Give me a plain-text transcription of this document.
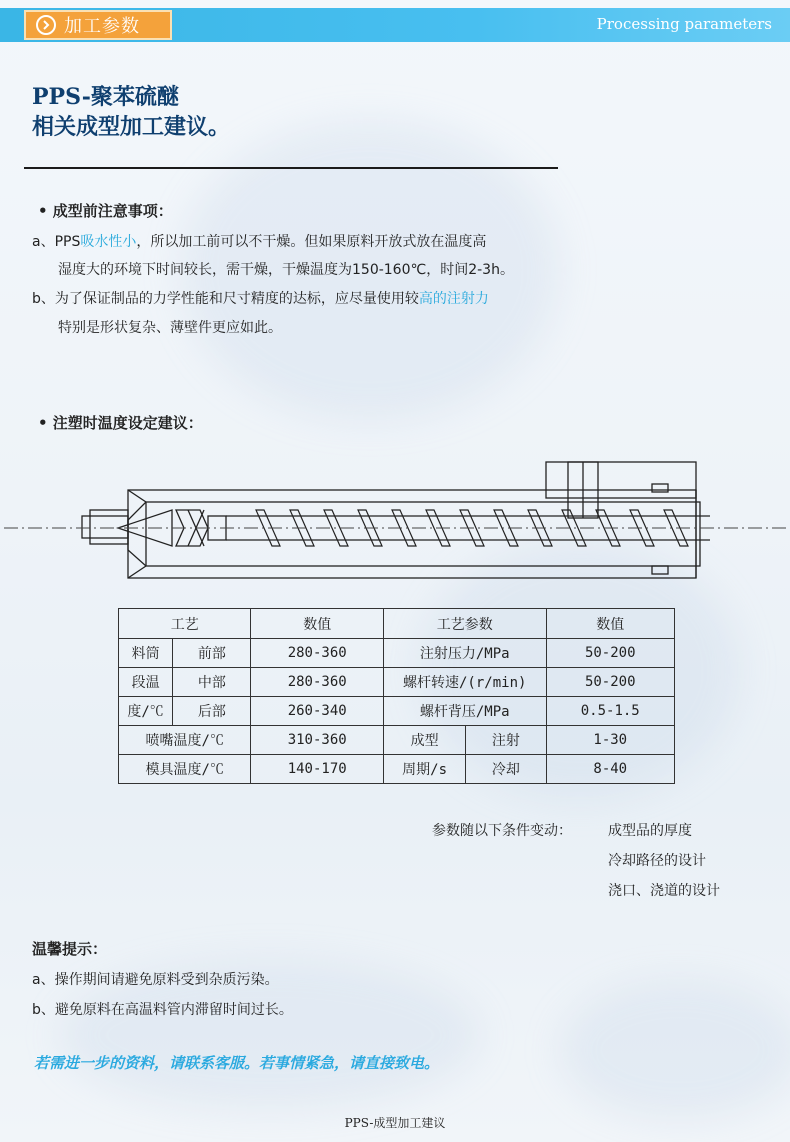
加工参数	Processing parameters
PPS-聚苯硫醚
相关成型加工建议。
• 成型前注意事项：
a、PPS吸水性小，所以加工前可以不干燥。但如果原料开放式放在温度高
湿度大的环境下时间较长，需干燥，干燥温度为150-160℃，时间2-3h。
b、为了保证制品的力学性能和尺寸精度的达标，应尽量使用较高的注射力
特别是形状复杂、薄壁件更应如此。
• 注塑时温度设定建议：
工艺		数值	工艺参数		数值
料筒	前部	280-360	注射压力/MPa		50-200
段温	中部	280-360	螺杆转速/(r/min)		50-200
度/℃	后部	260-340	螺杆背压/MPa		0.5-1.5
喷嘴温度/℃		310-360	成型	注射	1-30
模具温度/℃		140-170	周期/s	冷却	8-40
参数随以下条件变动：	成型品的厚度
冷却路径的设计
浇口、浇道的设计
温馨提示：
a、操作期间请避免原料受到杂质污染。
b、避免原料在高温料管内滞留时间过长。
若需进一步的资料，请联系客服。若事情紧急，请直接致电。
PPS-成型加工建议
